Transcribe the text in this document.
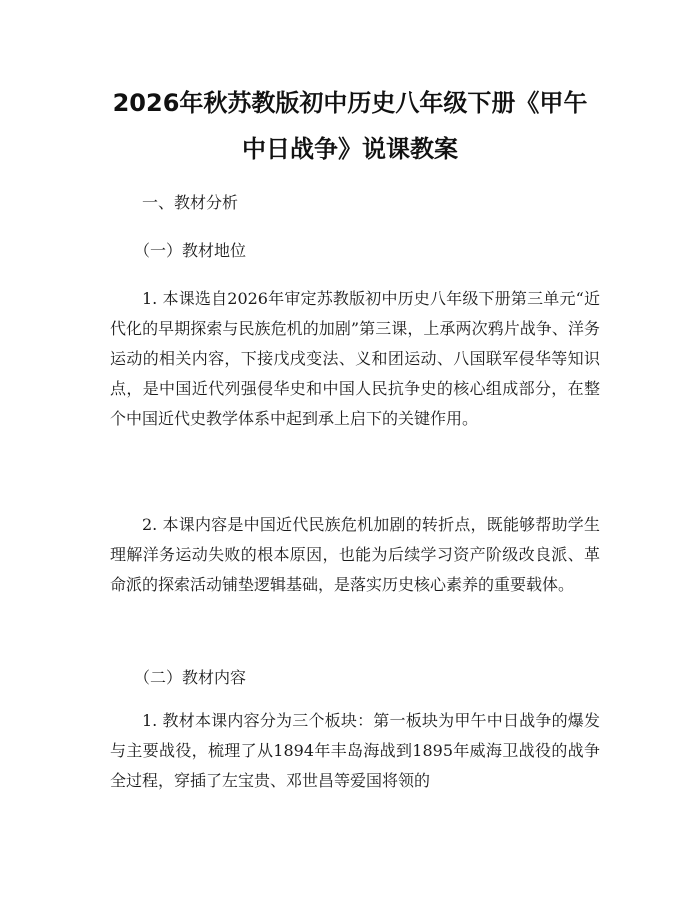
2026年秋苏教版初中历史八年级下册《甲午
中日战争》说课教案
一、教材分析
（一）教材地位

1. 本课选自2026年审定苏教版初中历史八年级下册第三单元“近代化的早期探索与民族危机的加剧”第三课，上承两次鸦片战争、洋务运动的相关内容，下接戊戌变法、义和团运动、八国联军侵华等知识点，是中国近代列强侵华史和中国人民抗争史的核心组成部分，在整个中国近代史教学体系中起到承上启下的关键作用。

2. 本课内容是中国近代民族危机加剧的转折点，既能够帮助学生理解洋务运动失败的根本原因，也能为后续学习资产阶级改良派、革命派的探索活动铺垫逻辑基础，是落实历史核心素养的重要载体。

（二）教材内容

1. 教材本课内容分为三个板块：第一板块为甲午中日战争的爆发与主要战役，梳理了从1894年丰岛海战到1895年威海卫战役的战争全过程，穿插了左宝贵、邓世昌等爱国将领的
